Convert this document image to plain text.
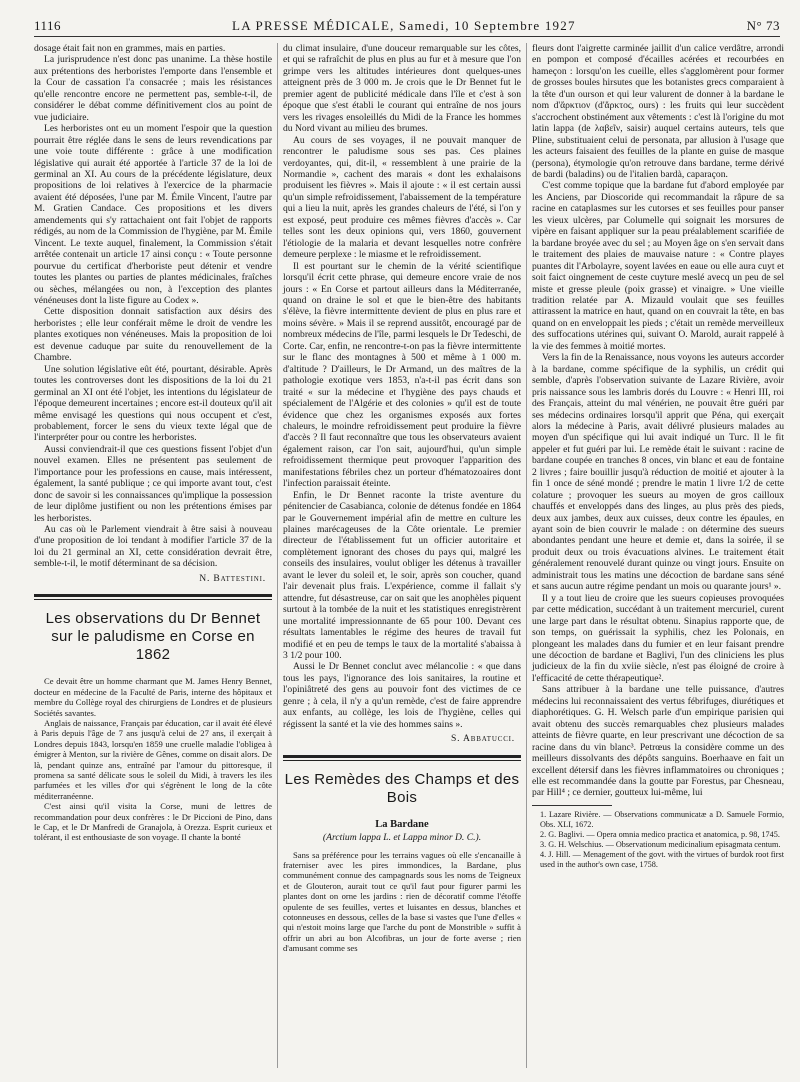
1116	LA PRESSE MÉDICALE, Samedi, 10 Septembre 1927	N° 73

dosage était fait non en grammes, mais en parties.

La jurisprudence n'est donc pas unanime. La thèse hostile aux prétentions des herboristes l'emporte dans l'ensemble et la Cour de cassation l'a consacrée ; mais les résistances qu'elle rencontre encore ne permettent pas, semble-t-il, de considérer le débat comme définitivement clos au point de vue judiciaire.

Les herboristes ont eu un moment l'espoir que la question pourrait être réglée dans le sens de leurs revendications par une voie toute différente : grâce à une modification législative qui aurait été apportée à l'article 37 de la loi de germinal an XI. Au cours de la précédente législature, deux propositions de loi relatives à l'exercice de la pharmacie avaient été déposées, l'une par M. Émile Vincent, l'autre par M. Gratien Candace. Ces propositions et les divers amendements qui s'y rattachaient ont fait l'objet de rapports rédigés, au nom de la Commission de l'hygiène, par M. Émile Vincent. Le texte auquel, finalement, la Commission s'était arrêtée contenait un article 17 ainsi conçu : « Toute personne pourvue du certificat d'herboriste peut détenir et vendre toutes les plantes ou parties de plantes médicinales, fraîches ou sèches, mélangées ou non, à l'exception des plantes vénéneuses dont la liste figure au Codex ».

Cette disposition donnait satisfaction aux désirs des herboristes ; elle leur conférait même le droit de vendre les plantes exotiques non vénéneuses. Mais la proposition de loi est devenue caduque par suite du renouvellement de la Chambre.

Une solution législative eût été, pourtant, désirable. Après toutes les controverses dont les dispositions de la loi du 21 germinal an XI ont été l'objet, les intentions du législateur de l'époque demeurent incertaines ; encore est-il douteux qu'il ait même envisagé les questions qui nous occupent et c'est, probablement, forcer le sens du vieux texte légal que de l'interpréter pour ou contre les herboristes.

Aussi conviendrait-il que ces questions fissent l'objet d'un nouvel examen. Elles ne présentent pas seulement de l'importance pour les professions en cause, mais intéressent, également, la santé publique ; ce qui importe avant tout, c'est donc de savoir si les connaissances qu'implique la possession de leur diplôme justifient ou non les prétentions émises par les herboristes.

Au cas où le Parlement viendrait à être saisi à nouveau d'une proposition de loi tendant à modifier l'article 37 de la loi du 21 germinal an XI, cette considération devrait être, semble-t-il, le motif déterminant de sa décision.

N. Battestini.
Les observations du Dr Bennet
sur le paludisme en Corse en 1862

Ce devait être un homme charmant que M. James Henry Bennet, docteur en médecine de la Faculté de Paris, interne des hôpitaux et membre du Collège royal des chirurgiens de Londres et de plusieurs Sociétés savantes.

Anglais de naissance, Français par éducation, car il avait été élevé à Paris depuis l'âge de 7 ans jusqu'à celui de 27 ans, il exerçait à Londres depuis 1843, lorsqu'en 1859 une cruelle maladie l'obligea à émigrer à Menton, sur la rivière de Gênes, comme on disait alors. De là, pendant quinze ans, entraîné par l'amour du pittoresque, il promena sa santé délicate sous le soleil du Midi, à travers les iles parfumées et les villes d'or qui s'égrènent le long de la côte méditerranéenne.

C'est ainsi qu'il visita la Corse, muni de lettres de recommandation pour deux confrères : le Dr Piccioni de Pino, dans le Cap, et le Dr Manfredi de Granajola, à Orezza. Esprit curieux et tolérant, il est enthousiaste de son voyage. Il chante la bonté

du climat insulaire, d'une douceur remarquable sur les côtes, et qui se rafraîchit de plus en plus au fur et à mesure que l'on grimpe vers les altitudes intérieures dont quelques-unes atteignent près de 3 000 m. Je crois que le Dr Bennet fut le premier agent de publicité médicale dans l'île et c'est à son époque que s'est établi le courant qui entraîne de nos jours vers les rivages ensoleillés du Midi de la France les hommes du Nord vivant au milieu des brumes.

Au cours de ses voyages, il ne pouvait manquer de rencontrer le paludisme sous ses pas. Ces plaines verdoyantes, qui, dit-il, « ressemblent à une prairie de la Normandie », cachent des marais « dont les exhalaisons produisent les fièvres ». Mais il ajoute : « il est certain aussi qu'un simple refroidissement, l'abaissement de la température qui a lieu la nuit, après les grandes chaleurs de l'été, si l'on y est exposé, peut produire ces mêmes fièvres d'accès ». Car telles sont les deux opinions qui, vers 1860, gouvernent l'étiologie de la malaria et devant lesquelles notre confrère demeure perplexe : le miasme et le refroidissement.

Il est pourtant sur le chemin de la vérité scientifique lorsqu'il écrit cette phrase, qui demeure encore vraie de nos jours : « En Corse et partout ailleurs dans la Méditerranée, quand on draine le sol et que le bien-être des habitants s'élève, la fièvre intermittente devient de plus en plus rare et moins sévère. » Mais il se reprend aussitôt, encouragé par de nombreux médecins de l'île, parmi lesquels le Dr Tedeschi, de Corte. Car, enfin, ne rencontre-t-on pas la fièvre intermittente sur le flanc des montagnes à 500 et même à 1 000 m. d'altitude ? D'ailleurs, le Dr Armand, un des maîtres de la pathologie exotique vers 1853, n'a-t-il pas écrit dans son traité « sur la médecine et l'hygiène des pays chauds et spécialement de l'Algérie et des colonies » qu'il est de toute évidence que chez les organismes exposés aux fortes chaleurs, le moindre refroidissement peut produire la fièvre d'accès ? Il faut reconnaître que tous les observateurs avaient également raison, car l'on sait, aujourd'hui, qu'un simple refroidissement thermique peut provoquer l'apparition des manifestations fébriles chez un porteur d'hématozoaires dont l'infection paraissait éteinte.

Enfin, le Dr Bennet raconte la triste aventure du pénitencier de Casabianca, colonie de détenus fondée en 1864 par le Gouvernement impérial afin de mettre en culture les plaines marécageuses de la Côte orientale. Le premier directeur de l'établissement fut un officier autoritaire et complètement ignorant des choses du pays qui, malgré les conseils des insulaires, voulut obliger les détenus à travailler avant le lever du soleil et, le soir, après son coucher, quand l'air devenait plus frais. L'expérience, comme il fallait s'y attendre, fut désastreuse, car on sait que les anophèles piquent surtout à la tombée de la nuit et les statistiques enregistrèrent une mortalité impressionnante de 65 pour 100. Devant ces résultats lamentables le régime des heures de travail fut modifié et en peu de temps le taux de la mortalité s'abaissa à 3 1/2 pour 100.

Aussi le Dr Bennet conclut avec mélancolie : « que dans tous les pays, l'ignorance des lois sanitaires, la routine et l'opiniâtreté des gens au pouvoir font des victimes de ce genre ; à cela, il n'y a qu'un remède, c'est de faire apprendre aux enfants, au collège, les lois de l'hygiène, celles qui régissent la santé et la vie des hommes sains ».

S. Abbatucci.
Les Remèdes des Champs et des Bois
La Bardane
(Arctium lappa L. et Lappa minor D. C.).

Sans sa préférence pour les terrains vagues où elle s'encanaille à fraterniser avec les pires immondices, la Bardane, plus communément connue des campagnards sous les noms de Teigneux et de Glouteron, aurait tout ce qu'il faut pour figurer parmi les plantes dont on orne les jardins : rien de décoratif comme l'étoffe opulente de ses feuilles, vertes et luisantes en dessus, blanches et cotonneuses en dessous, celles de la base si vastes que l'une d'elles « qui n'estoit moins large que l'arche du pont de Monstrible » suffit à offrir un abri au bon Alcofibras, un jour de forte averse ; rien d'amusant comme ses

fleurs dont l'aigrette carminée jaillit d'un calice verdâtre, arrondi en pompon et composé d'écailles acérées et recourbées en hameçon : lorsqu'on les cueille, elles s'agglomèrent pour former de grosses boules hirsutes que les botanistes grecs comparaient à la tête d'un ourson et qui leur valurent de donner à la bardane le nom d'ἄρκτιον (d'ἄρκτος, ours) : les fruits qui leur succèdent s'accrochent obstinément aux vêtements : c'est là l'origine du mot latin lappa (de λαβεῖν, saisir) auquel certains auteurs, tels que Pline, substituaient celui de personata, par allusion à l'usage que les acteurs faisaient des feuilles de la plante en guise de masque (persona), étymologie qu'on retrouve dans bardane, terme dérivé de bardi (baladins) ou de l'italien bardà, caparaçon.

C'est comme topique que la bardane fut d'abord employée par les Anciens, par Dioscoride qui recommandait la râpure de sa racine en cataplasmes sur les cutorses et ses feuilles pour panser les vieux ulcères, par Columelle qui soignait les morsures de vipère en faisant appliquer sur la peau préalablement scarifiée de la bardane broyée avec du sel ; au Moyen âge on s'en servait dans le traitement des plaies de mauvaise nature : « Contre playes puantes dit l'Arbolayre, soyent lavées en eaue ou elle aura cuyt et soit faict oingnement de ceste cuyture meslé avecq un peu de sel miste et gresse pleule (poix grasse) et vinaigre. » Une vieille tradition relatée par A. Mizauld voulait que ses feuilles attirassent la matrice en haut, quand on en couvrait la tête, en bas quand on en enveloppait les pieds ; c'était un remède merveilleux des suffocations utérines qui, suivant O. Marold, aurait rappelé à la vie des femmes à moitié mortes.

Vers la fin de la Renaissance, nous voyons les auteurs accorder à la bardane, comme spécifique de la syphilis, un crédit qui semble, d'après l'observation suivante de Lazare Rivière, avoir pris naissance sous les lambris dorés du Louvre : « Henri III, roi des Français, atteint du mal vénérien, ne pouvait être guéri par ses médecins ordinaires lorsqu'il apprit que Péna, qui exerçait alors la médecine à Paris, avait délivré plusieurs malades au moyen d'un spécifique qui lui avait indiqué un Turc. Il le fit appeler et fut guéri par lui. Le remède était le suivant : racine de bardane coupée en tranches 8 onces, vin blanc et eau de fontaine 2 livres ; faire bouillir jusqu'à réduction de moitié et ajouter à la fin 1 once de séné mondé ; prendre le matin 1 livre 1/2 de cette colature ; provoquer les sueurs au moyen de gros cailloux chauffés et enveloppés dans des linges, au plus près des pieds, deux aux jambes, deux aux cuisses, deux contre les épaules, en ayant soin de bien couvrir le malade : on détermine des sueurs abondantes pendant une heure et demie et, dans la soirée, il se produit deux ou trois évacuations alvines. Le traitement était généralement renouvelé durant quinze ou vingt jours. Ensuite on administrait tous les matins une décoction de bardane sans séné et sans aucun autre régime pendant un mois ou quarante jours¹ ».

Il y a tout lieu de croire que les sueurs copieuses provoquées par cette médication, succédant à un traitement mercuriel, curent une large part dans le résultat obtenu. Sinapius rapporte que, de son temps, on guérissait la syphilis, chez les Polonais, en plongeant les malades dans du fumier et en leur faisant prendre une décoction de bardane et Baglivi, l'un des cliniciens les plus judicieux de la fin du xviie siècle, n'est pas éloigné de croire à l'efficacité de cette thérapeutique².

Sans attribuer à la bardane une telle puissance, d'autres médecins lui reconnaissaient des vertus fébrifuges, diurétiques et diaphorétiques. G. H. Welsch parle d'un empirique parisien qui avait obtenu des succès remarquables chez plusieurs malades atteints de fièvre quarte, en leur prescrivant une décoction de sa racine dans du vin blanc³. Petrœus la considère comme un des meilleurs dissolvants des dépôts sanguins. Boerhaave en fait un excellent détersif dans les fièvres inflammatoires ou chroniques ; elle est recommandée dans la goutte par Forestus, par Chesneau, par Hill⁴ ; ce dernier, goutteux lui-même, lui

1. Lazare Rivière. — Observations communicatæ a D. Samuele Formio, Obs. XLI, 1672.

2. G. Baglivi. — Opera omnia medico practica et anatomica, p. 98, 1745.

3. G. H. Welschius. — Observationum medicinalium episagmata centum.

4. J. Hill. — Menagement of the govt. with the virtues of burdok root first used in the author's own case, 1758.
